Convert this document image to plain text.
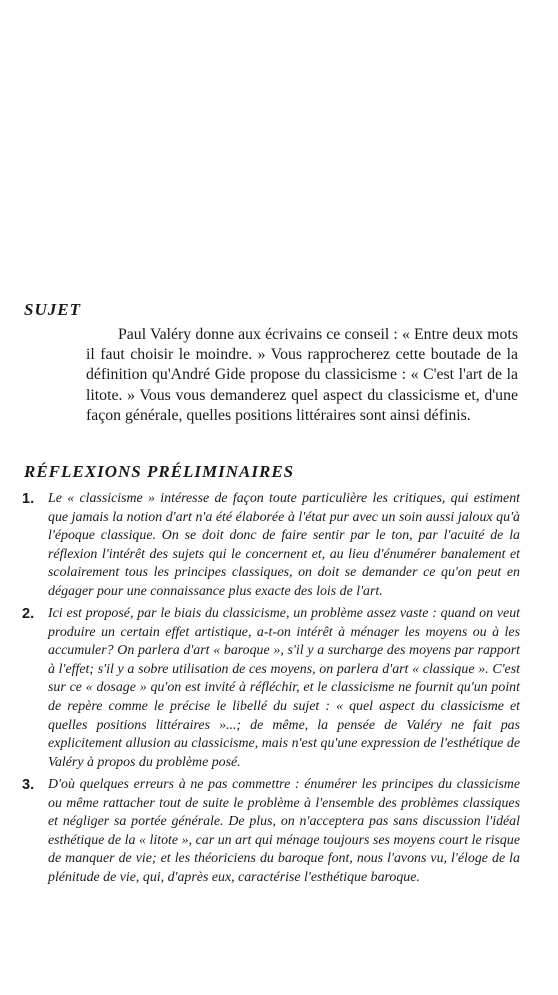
SUJET

Paul Valéry donne aux écrivains ce conseil : « Entre deux mots il faut choisir le moindre. » Vous rapprocherez cette boutade de la définition qu'André Gide propose du classicisme : « C'est l'art de la litote. » Vous vous demanderez quel aspect du classicisme et, d'une façon générale, quelles positions littéraires sont ainsi définis.

RÉFLEXIONS PRÉLIMINAIRES
1. Le « classicisme » intéresse de façon toute particulière les critiques, qui estiment que jamais la notion d'art n'a été élaborée à l'état pur avec un soin aussi jaloux qu'à l'époque classique. On se doit donc de faire sentir par le ton, par l'acuité de la réflexion l'intérêt des sujets qui le concernent et, au lieu d'énumérer banalement et scolairement tous les principes classiques, on doit se demander ce qu'on peut en dégager pour une connaissance plus exacte des lois de l'art.

2. Ici est proposé, par le biais du classicisme, un problème assez vaste : quand on veut produire un certain effet artistique, a-t-on intérêt à ménager les moyens ou à les accumuler? On parlera d'art « baroque », s'il y a surcharge des moyens par rapport à l'effet; s'il y a sobre utilisation de ces moyens, on parlera d'art « classique ». C'est sur ce « dosage » qu'on est invité à réfléchir, et le classicisme ne fournit qu'un point de repère comme le précise le libellé du sujet : « quel aspect du classicisme et quelles positions littéraires »...; de même, la pensée de Valéry ne fait pas explicitement allusion au classicisme, mais n'est qu'une expression de l'esthétique de Valéry à propos du problème posé.

3. D'où quelques erreurs à ne pas commettre : énumérer les principes du classicisme ou même rattacher tout de suite le problème à l'ensemble des problèmes classiques et négliger sa portée générale. De plus, on n'acceptera pas sans discussion l'idéal esthétique de la « litote », car un art qui ménage toujours ses moyens court le risque de manquer de vie; et les théoriciens du baroque font, nous l'avons vu, l'éloge de la plénitude de vie, qui, d'après eux, caractérise l'esthétique baroque.
